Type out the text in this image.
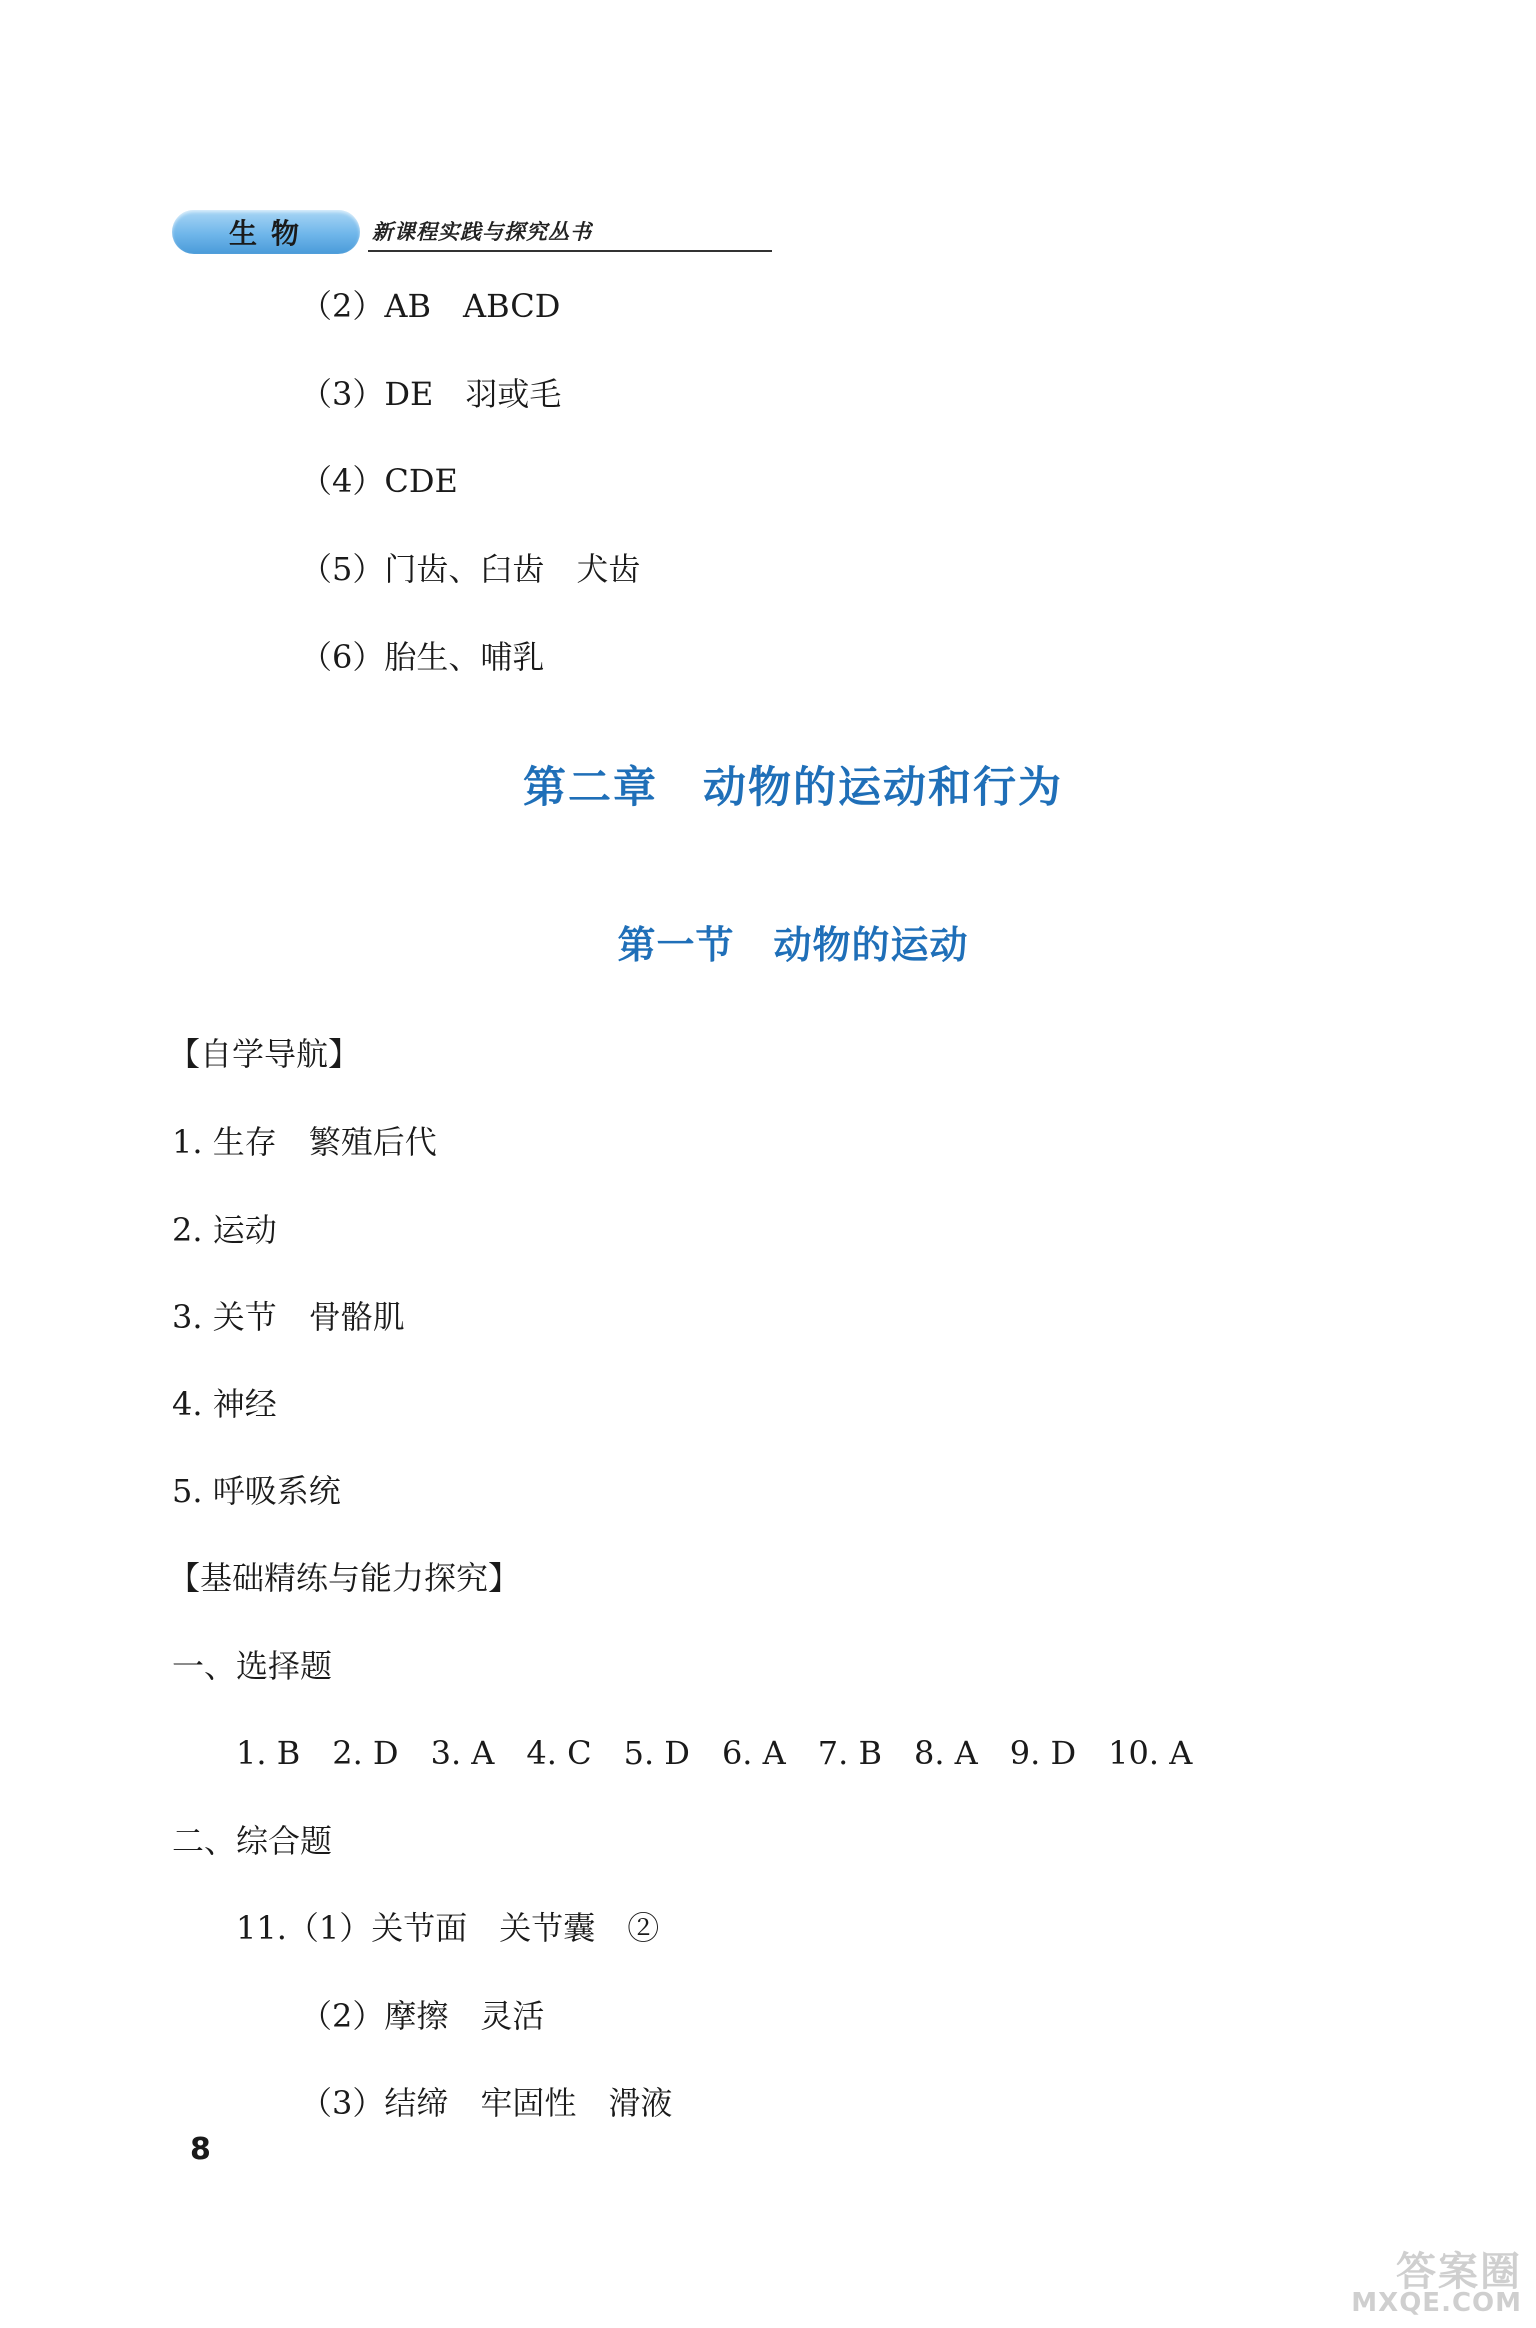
生物	新课程实践与探究丛书
（2）AB　ABCD
（3）DE　羽或毛
（4）CDE
（5）门齿、臼齿　犬齿
（6）胎生、哺乳
第二章　动物的运动和行为
第一节　动物的运动
【自学导航】
1. 生存　繁殖后代
2. 运动
3. 关节　骨骼肌
4. 神经
5. 呼吸系统
【基础精练与能力探究】
一、选择题
1. B　2. D　3. A　4. C　5. D　6. A　7. B　8. A　9. D　10. A
二、综合题
11.（1）关节面　关节囊　②
（2）摩擦　灵活
（3）结缔　牢固性　滑液
8
答案圈
MXQE.COM
